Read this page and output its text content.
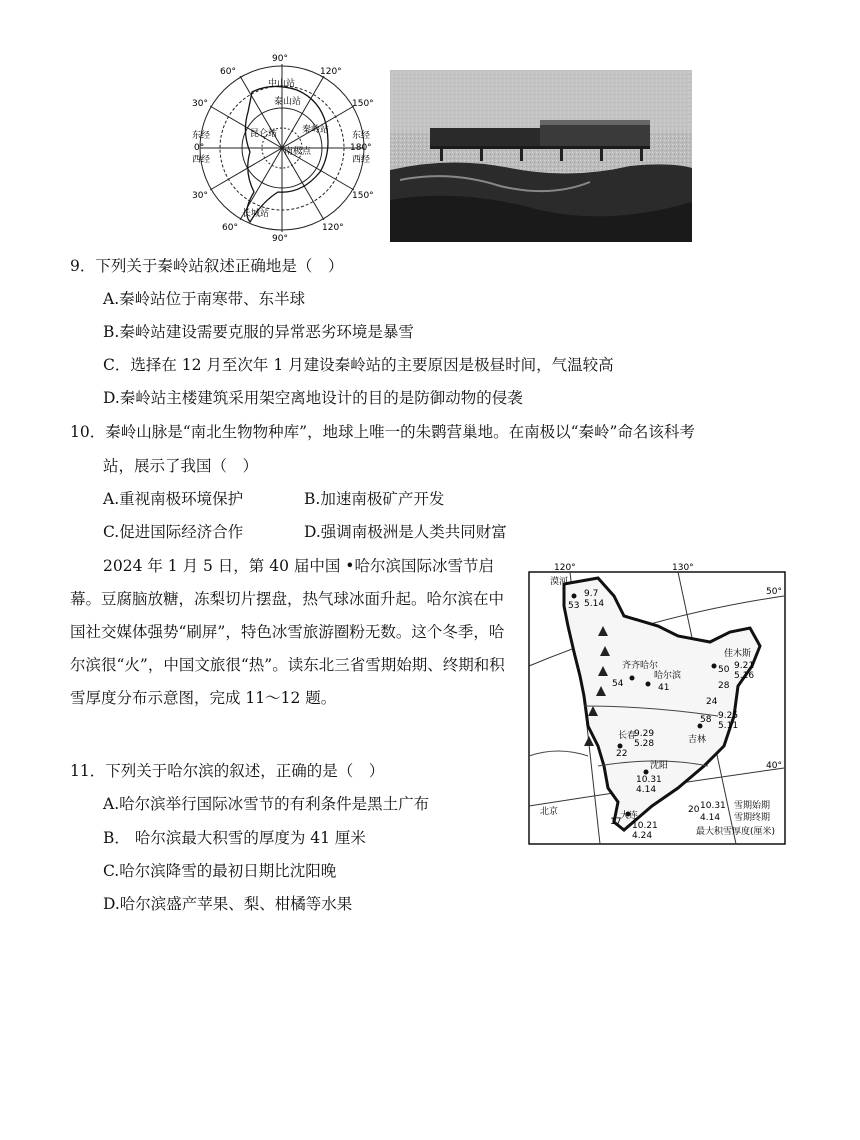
90°
90°
60°	120°
30°	150°
东经
0°
西经
东经
180°
西经
30°	150°
60°	120°
中山站
泰山站
昆仑站	秦岭站
南极点
长城站
9．下列关于秦岭站叙述正确地是（　）
A.秦岭站位于南寒带、东半球
B.秦岭站建设需要克服的异常恶劣环境是暴雪
C．选择在 12 月至次年 1 月建设秦岭站的主要原因是极昼时间，气温较高
D.秦岭站主楼建筑采用架空离地设计的目的是防御动物的侵袭
10．秦岭山脉是“南北生物物种库”，地球上唯一的朱鹮营巢地。在南极以“秦岭”命名该科考
站，展示了我国（　）
A.重视南极环境保护	B.加速南极矿产开发
C.促进国际经济合作	D.强调南极洲是人类共同财富
2024 年 1 月 5 日，第 40 届中国 •哈尔滨国际冰雪节启幕。豆腐脑放糖，冻梨切片摆盘，热气球冰面升起。哈尔滨在中国社交媒体强势“刷屏”，特色冰雪旅游圈粉无数。这个冬季，哈尔滨很“火”，中国文旅很“热”。读东北三省雪期始期、终期和积雪厚度分布示意图，完成 11～12 题。
漠河
120°	130°
50°
40°
53
9.7
5.14
齐齐哈尔
54
哈尔滨
41
长春
9.29
5.28
22
沈阳
10.31
4.14
北京
17
大连
10.21
4.24
佳木斯
50 9.21
5.16
28
24
9.25
5.11
58
吉林
20 10.31
4.14
雪期始期
雪期终期
最大积雪厚度(厘米)
11．下列关于哈尔滨的叙述，正确的是（　）
A.哈尔滨举行国际冰雪节的有利条件是黑土广布
B． 哈尔滨最大积雪的厚度为 41 厘米
C.哈尔滨降雪的最初日期比沈阳晚
D.哈尔滨盛产苹果、梨、柑橘等水果
